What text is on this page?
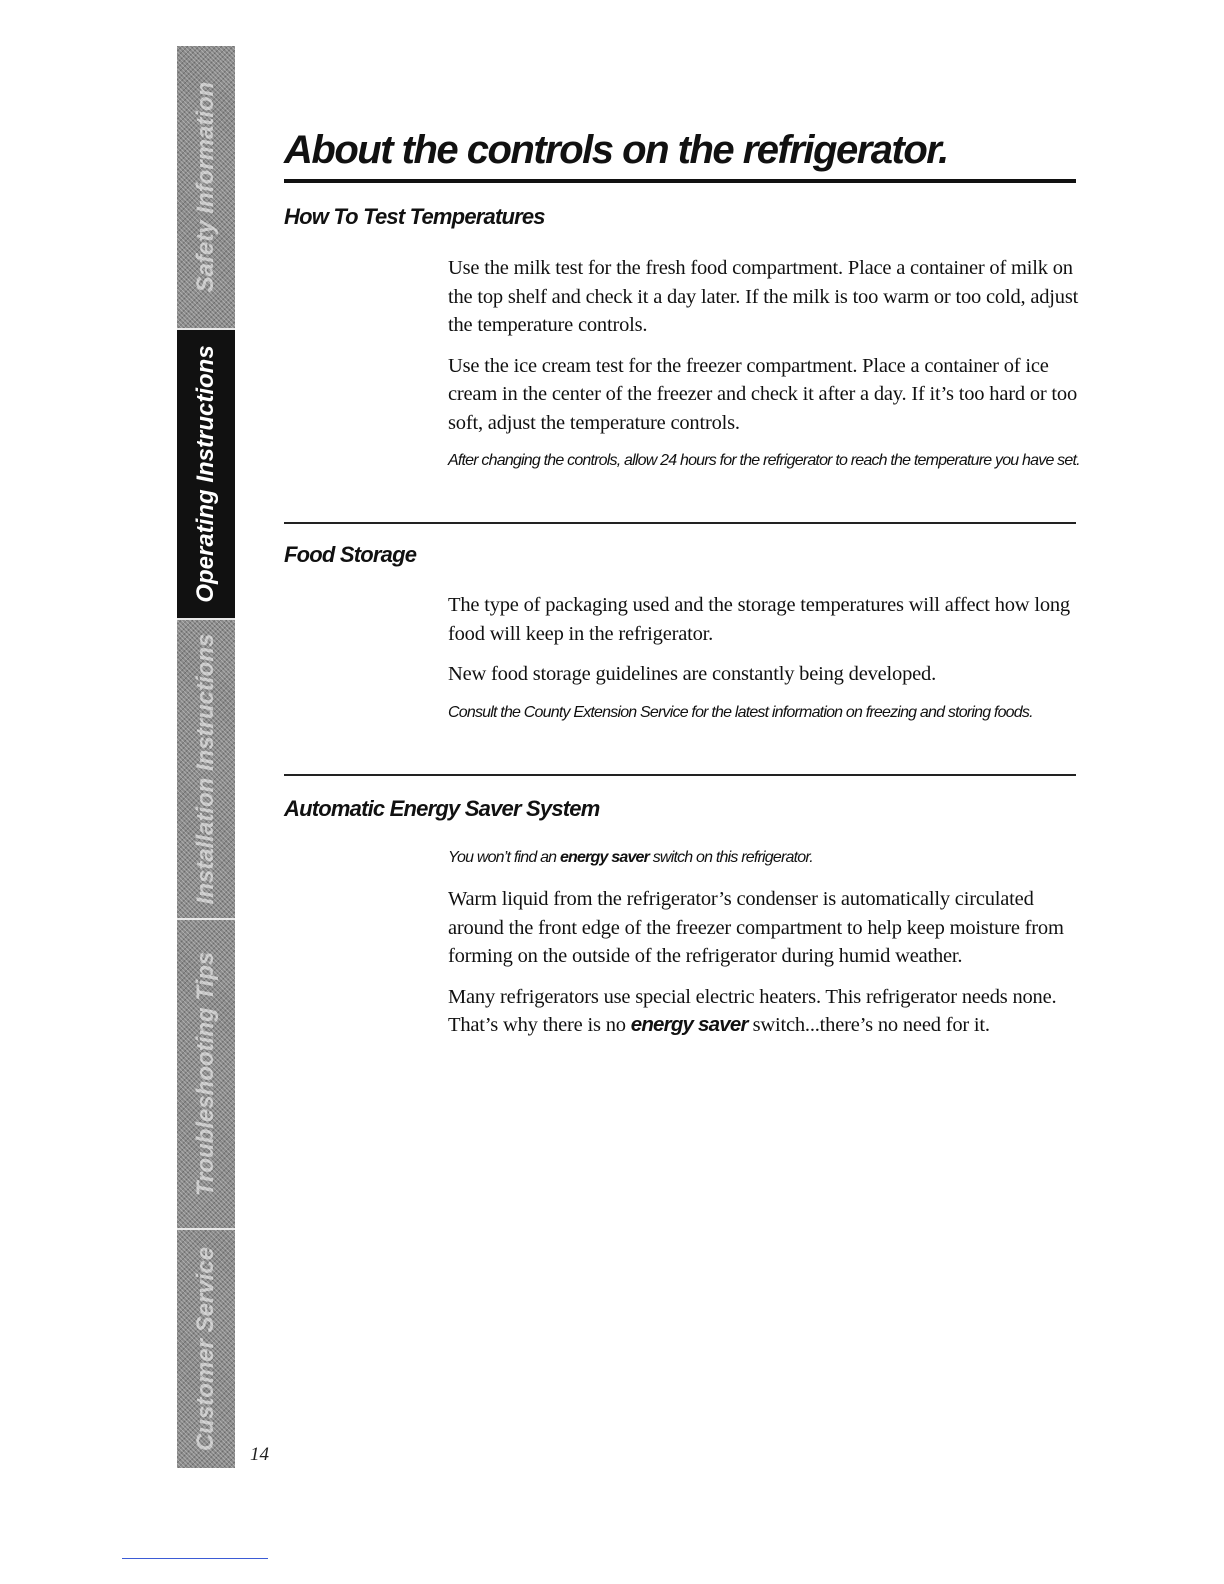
Safety Information
Operating Instructions
Installation Instructions
Troubleshooting Tips
Customer Service
14
About the controls on the refrigerator.
How To Test Temperatures

Use the milk test for the fresh food compartment. Place a container of milk on the top shelf and check it a day later. If the milk is too warm or too cold, adjust the temperature controls.

Use the ice cream test for the freezer compartment. Place a container of ice cream in the center of the freezer and check it after a day. If it’s too hard or too soft, adjust the temperature controls.

After changing the controls, allow 24 hours for the refrigerator to reach the temperature you have set.

Food Storage

The type of packaging used and the storage temperatures will affect how long food will keep in the refrigerator.

New food storage guidelines are constantly being developed.

Consult the County Extension Service for the latest information on freezing and storing foods.

Automatic Energy Saver System

You won’t find an energy saver switch on this refrigerator.

Warm liquid from the refrigerator’s condenser is automatically circulated around the front edge of the freezer compartment to help keep moisture from forming on the outside of the refrigerator during humid weather.

Many refrigerators use special electric heaters. This refrigerator needs none. That’s why there is no energy saver switch...there’s no need for it.
